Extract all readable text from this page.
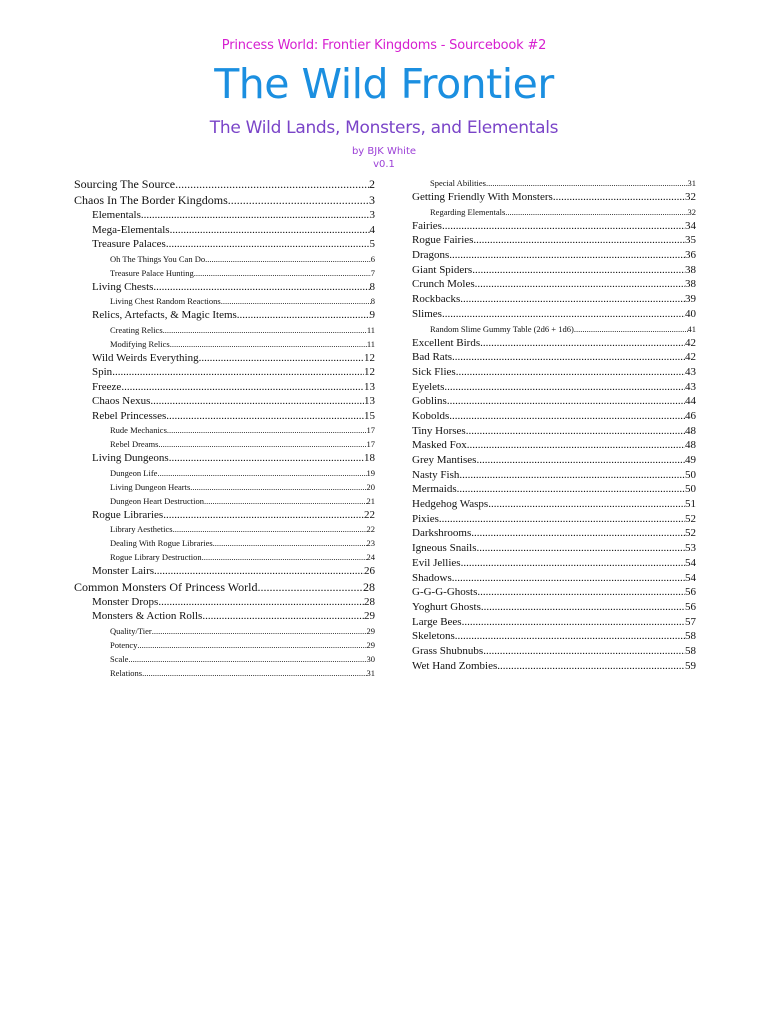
Princess World: Frontier Kingdoms - Sourcebook #2
The Wild Frontier
The Wild Lands, Monsters, and Elementals
by BJK White
v0.1
Sourcing The Source .....	2
Chaos In The Border Kingdoms .....	3
Elementals .....	3
Mega-Elementals .....	4
Treasure Palaces .....	5
Oh The Things You Can Do .....	6
Treasure Palace Hunting .....	7
Living Chests .....	8
Living Chest Random Reactions .....	8
Relics, Artefacts, & Magic Items .....	9
Creating Relics .....	11
Modifying Relics .....	11
Wild Weirds Everything .....	12
Spin .....	12
Freeze .....	13
Chaos Nexus .....	13
Rebel Princesses .....	15
Rude Mechanics .....	17
Rebel Dreams .....	17
Living Dungeons .....	18
Dungeon Life .....	19
Living Dungeon Hearts .....	20
Dungeon Heart Destruction .....	21
Rogue Libraries .....	22
Library Aesthetics .....	22
Dealing With Rogue Libraries .....	23
Rogue Library Destruction .....	24
Monster Lairs .....	26
Common Monsters Of Princess World .....	28
Monster Drops .....	28
Monsters & Action Rolls .....	29
Quality/Tier .....	29
Potency .....	29
Scale .....	30
Relations .....	31
Special Abilities .....	31
Getting Friendly With Monsters .....	32
Regarding Elementals .....	32
Fairies .....	34
Rogue Fairies .....	35
Dragons .....	36
Giant Spiders .....	38
Crunch Moles .....	38
Rockbacks .....	39
Slimes .....	40
Random Slime Gummy Table (2d6 + 1d6) .....	41
Excellent Birds .....	42
Bad Rats .....	42
Sick Flies .....	43
Eyelets .....	43
Goblins .....	44
Kobolds .....	46
Tiny Horses .....	48
Masked Fox .....	48
Grey Mantises .....	49
Nasty Fish .....	50
Mermaids .....	50
Hedgehog Wasps .....	51
Pixies .....	52
Darkshrooms .....	52
Igneous Snails .....	53
Evil Jellies .....	54
Shadows .....	54
G-G-G-Ghosts .....	56
Yoghurt Ghosts .....	56
Large Bees .....	57
Skeletons .....	58
Grass Shubnubs .....	58
Wet Hand Zombies .....	59
